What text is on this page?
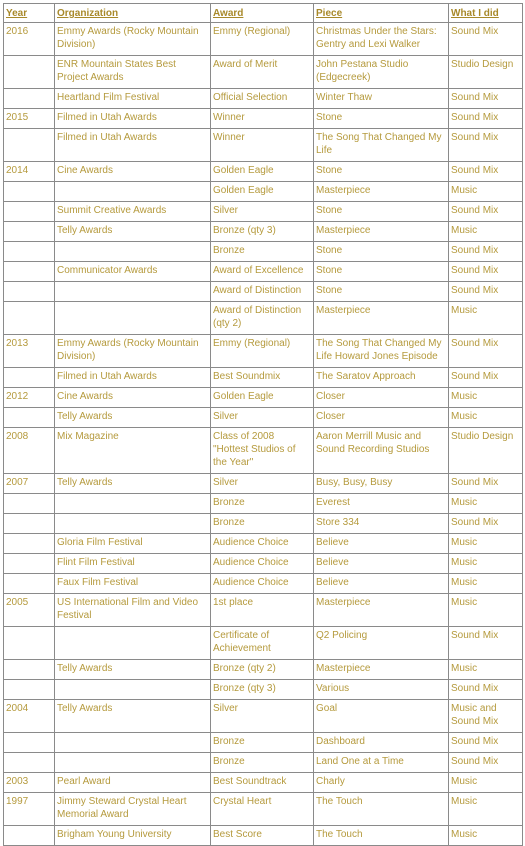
Year	Organization	Award	Piece	What I did
2016	Emmy Awards (Rocky Mountain Division)	Emmy (Regional)	Christmas Under the Stars: Gentry and Lexi Walker	Sound Mix
	ENR Mountain States Best Project Awards	Award of Merit	John Pestana Studio (Edgecreek)	Studio Design
	Heartland Film Festival	Official Selection	Winter Thaw	Sound Mix
2015	Filmed in Utah Awards	Winner	Stone	Sound Mix
	Filmed in Utah Awards	Winner	The Song That Changed My Life	Sound Mix
2014	Cine Awards	Golden Eagle	Stone	Sound Mix
		Golden Eagle	Masterpiece	Music
	Summit Creative Awards	Silver	Stone	Sound Mix
	Telly Awards	Bronze (qty 3)	Masterpiece	Music
		Bronze	Stone	Sound Mix
	Communicator Awards	Award of Excellence	Stone	Sound Mix
		Award of Distinction	Stone	Sound Mix
		Award of Distinction (qty 2)	Masterpiece	Music
2013	Emmy Awards (Rocky Mountain Division)	Emmy (Regional)	The Song That Changed My Life Howard Jones Episode	Sound Mix
	Filmed in Utah Awards	Best Soundmix	The Saratov Approach	Sound Mix
2012	Cine Awards	Golden Eagle	Closer	Music
	Telly Awards	Silver	Closer	Music
2008	Mix Magazine	Class of 2008 "Hottest Studios of the Year"	Aaron Merrill Music and Sound Recording Studios	Studio Design
2007	Telly Awards	Silver	Busy, Busy, Busy	Sound Mix
		Bronze	Everest	Music
		Bronze	Store 334	Sound Mix
	Gloria Film Festival	Audience Choice	Believe	Music
	Flint Film Festival	Audience Choice	Believe	Music
	Faux Film Festival	Audience Choice	Believe	Music
2005	US International Film and Video Festival	1st place	Masterpiece	Music
		Certificate of Achievement	Q2 Policing	Sound Mix
	Telly Awards	Bronze (qty 2)	Masterpiece	Music
		Bronze (qty 3)	Various	Sound Mix
2004	Telly Awards	Silver	Goal	Music and Sound Mix
		Bronze	Dashboard	Sound Mix
		Bronze	Land One at a Time	Sound Mix
2003	Pearl Award	Best Soundtrack	Charly	Music
1997	Jimmy Steward Crystal Heart Memorial Award	Crystal Heart	The Touch	Music
	Brigham Young University	Best Score	The Touch	Music
